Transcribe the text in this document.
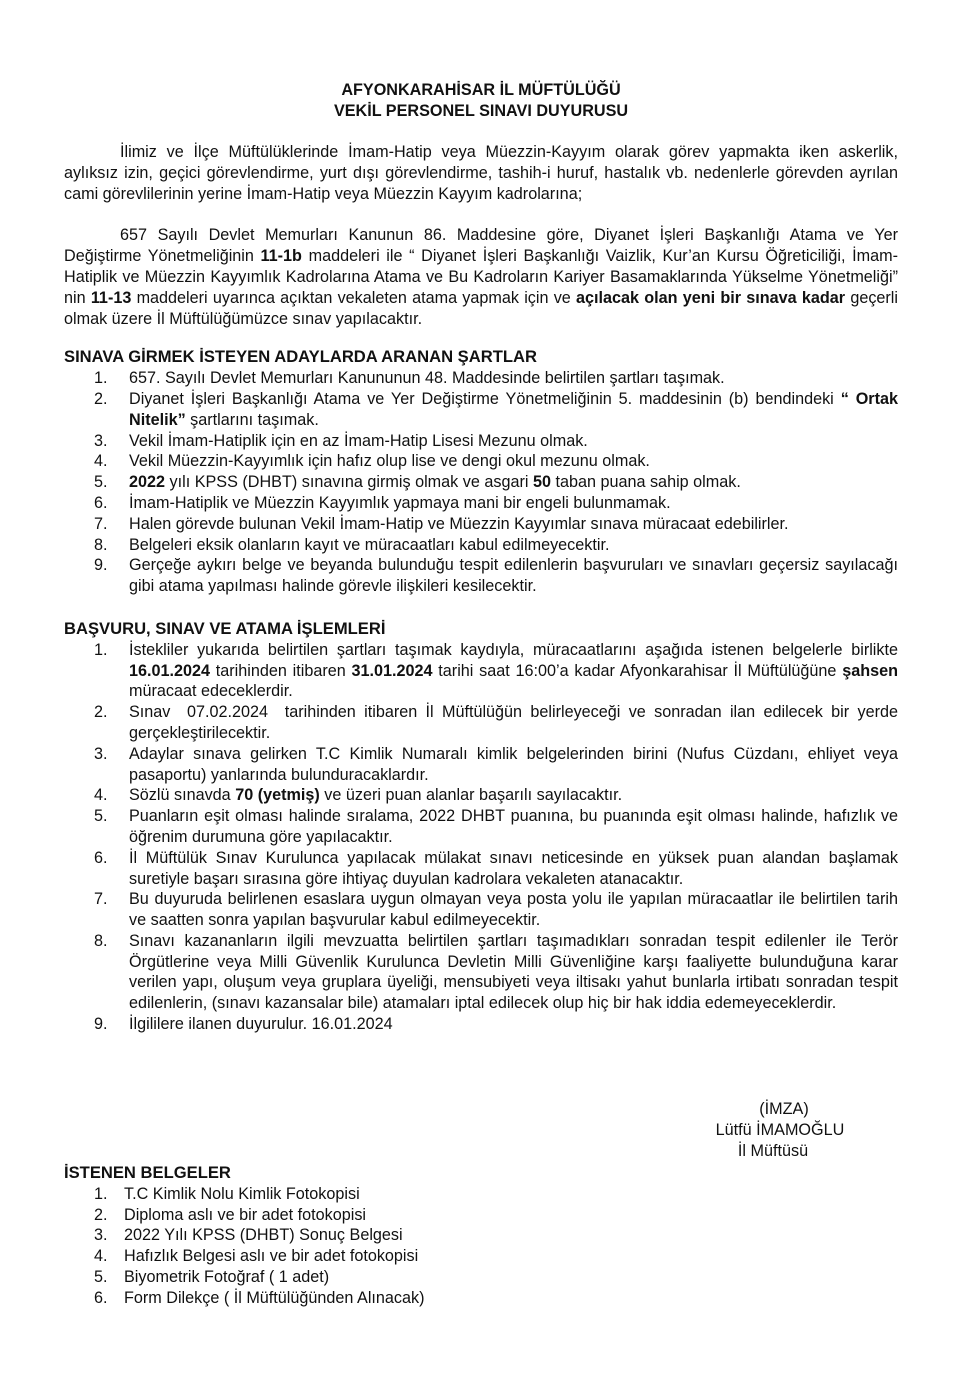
AFYONKARAHİSAR İL MÜFTÜLÜĞÜ
VEKİL PERSONEL SINAVI DUYURUSU

İlimiz ve İlçe Müftülüklerinde İmam-Hatip veya Müezzin-Kayyım olarak görev yapmakta iken askerlik, aylıksız izin, geçici görevlendirme, yurt dışı görevlendirme, tashih-i huruf, hastalık vb. nedenlerle görevden ayrılan cami görevlilerinin yerine İmam-Hatip veya Müezzin Kayyım kadrolarına;

657 Sayılı Devlet Memurları Kanunun 86. Maddesine göre, Diyanet İşleri Başkanlığı Atama ve Yer Değiştirme Yönetmeliğinin 11-1b maddeleri ile “ Diyanet İşleri Başkanlığı Vaizlik, Kur’an Kursu Öğreticiliği, İmam- Hatiplik ve Müezzin Kayyımlık Kadrolarına Atama ve Bu Kadroların Kariyer Basamaklarında Yükselme Yönetmeliği” nin 11-13 maddeleri uyarınca açıktan vekaleten atama yapmak için ve açılacak olan yeni bir sınava kadar geçerli olmak üzere İl Müftülüğümüzce sınav yapılacaktır.

SINAVA GİRMEK İSTEYEN ADAYLARDA ARANAN ŞARTLAR

1. 657. Sayılı Devlet Memurları Kanununun 48. Maddesinde belirtilen şartları taşımak.
2. Diyanet İşleri Başkanlığı Atama ve Yer Değiştirme Yönetmeliğinin 5. maddesinin (b) bendindeki “ Ortak Nitelik” şartlarını taşımak.
3. Vekil İmam-Hatiplik için en az İmam-Hatip Lisesi Mezunu olmak.
4. Vekil Müezzin-Kayyımlık için hafız olup lise ve dengi okul mezunu olmak.
5. 2022 yılı KPSS (DHBT) sınavına girmiş olmak ve asgari 50 taban puana sahip olmak.
6. İmam-Hatiplik ve Müezzin Kayyımlık yapmaya mani bir engeli bulunmamak.
7. Halen görevde bulunan Vekil İmam-Hatip ve Müezzin Kayyımlar sınava müracaat edebilirler.
8. Belgeleri eksik olanların kayıt ve müracaatları kabul edilmeyecektir.
9. Gerçeğe aykırı belge ve beyanda bulunduğu tespit edilenlerin başvuruları ve sınavları geçersiz sayılacağı gibi atama yapılması halinde görevle ilişkileri kesilecektir.

BAŞVURU, SINAV VE ATAMA İŞLEMLERİ

1. İstekliler yukarıda belirtilen şartları taşımak kaydıyla, müracaatlarını aşağıda istenen belgelerle birlikte 16.01.2024 tarihinden itibaren 31.01.2024 tarihi saat 16:00’a kadar Afyonkarahisar İl Müftülüğüne şahsen müracaat edeceklerdir.
2. Sınav  07.02.2024  tarihinden itibaren İl Müftülüğün belirleyeceği ve sonradan ilan edilecek bir yerde gerçekleştirilecektir.
3. Adaylar sınava gelirken T.C Kimlik Numaralı kimlik belgelerinden birini (Nufus Cüzdanı, ehliyet veya pasaportu) yanlarında bulunduracaklardır.
4. Sözlü sınavda 70 (yetmiş) ve üzeri puan alanlar başarılı sayılacaktır.
5. Puanların eşit olması halinde sıralama, 2022 DHBT puanına, bu puanında eşit olması halinde, hafızlık ve öğrenim durumuna göre yapılacaktır.
6. İl Müftülük Sınav Kurulunca yapılacak mülakat sınavı neticesinde en yüksek puan alandan başlamak suretiyle başarı sırasına göre ihtiyaç duyulan kadrolara vekaleten atanacaktır.
7. Bu duyuruda belirlenen esaslara uygun olmayan veya posta yolu ile yapılan müracaatlar ile belirtilen tarih ve saatten sonra yapılan başvurular kabul edilmeyecektir.
8. Sınavı kazananların ilgili mevzuatta belirtilen şartları taşımadıkları sonradan tespit edilenler ile Terör Örgütlerine veya Milli Güvenlik Kurulunca Devletin Milli Güvenliğine karşı faaliyette bulunduğuna karar verilen yapı, oluşum veya gruplara üyeliği, mensubiyeti veya iltisakı yahut bunlarla irtibatı sonradan tespit edilenlerin, (sınavı kazansalar bile) atamaları iptal edilecek olup hiç bir hak iddia edemeyeceklerdir.
9. İlgililere ilanen duyurulur. 16.01.2024
(İMZA)
Lütfü İMAMOĞLU
İl Müftüsü

İSTENEN BELGELER

1. T.C Kimlik Nolu Kimlik Fotokopisi
2. Diploma aslı ve bir adet fotokopisi
3. 2022 Yılı KPSS (DHBT) Sonuç Belgesi
4. Hafızlık Belgesi aslı ve bir adet fotokopisi
5. Biyometrik Fotoğraf ( 1 adet)
6. Form Dilekçe ( İl Müftülüğünden Alınacak)
